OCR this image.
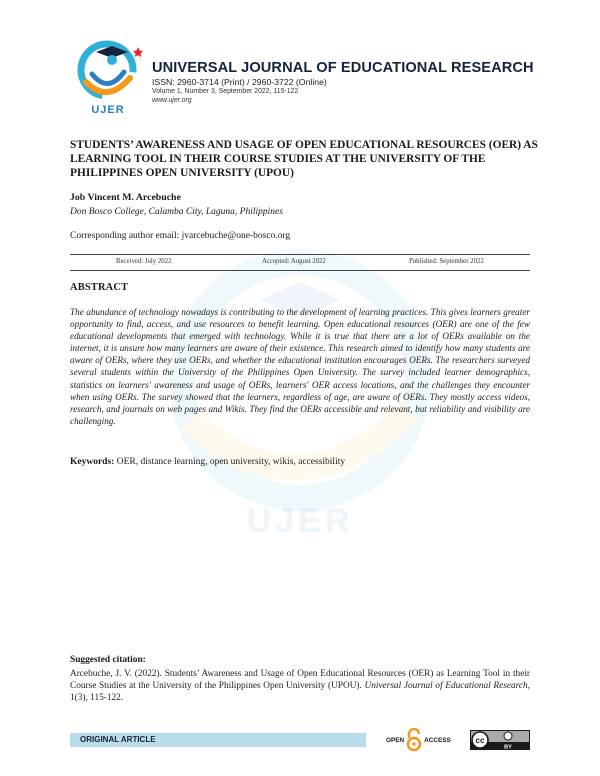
UJER
UJER
UNIVERSAL JOURNAL OF EDUCATIONAL RESEARCH
ISSN: 2960-3714 (Print) / 2960-3722 (Online)
Volume 1, Number 3, September 2022, 115-122
www.ujer.org
STUDENTS’ AWARENESS AND USAGE OF OPEN EDUCATIONAL RESOURCES (OER) AS LEARNING TOOL IN THEIR COURSE STUDIES AT THE UNIVERSITY OF THE PHILIPPINES OPEN UNIVERSITY (UPOU)
Job Vincent M. Arcebuche
Don Bosco College, Calamba City, Laguna, Philippines
Corresponding author email: jvarcebuche@one-bosco.org
Received: July 2022	Accepted: August 2022	Published: September 2022
ABSTRACT

The abundance of technology nowadays is contributing to the development of learning practices. This gives learners greater opportunity to find, access, and use resources to benefit learning. Open educational resources (OER) are one of the few educational developments that emerged with technology. While it is true that there are a lot of OERs available on the internet, it is unsure how many learners are aware of their existence. This research aimed to identify how many students are aware of OERs, where they use OERs, and whether the educational institution encourages OERs. The researchers surveyed several students within the University of the Philippines Open University. The survey included learner demographics, statistics on learners' awareness and usage of OERs, learners' OER access locations, and the challenges they encounter when using OERs. The survey showed that the learners, regardless of age, are aware of OERs. They mostly access videos, research, and journals on web pages and Wikis. They find the OERs accessible and relevant, but reliability and visibility are challenging.

Keywords: OER, distance learning, open university, wikis, accessibility
Suggested citation:

Arcebuche, J. V. (2022). Students’ Awareness and Usage of Open Educational Resources (OER) as Learning Tool in their Course Studies at the University of the Philippines Open University (UPOU). Universal Journal of Educational Research, 1(3), 115-122.

ORIGINAL ARTICLE	OPEN	ACCESS	cc
BY
